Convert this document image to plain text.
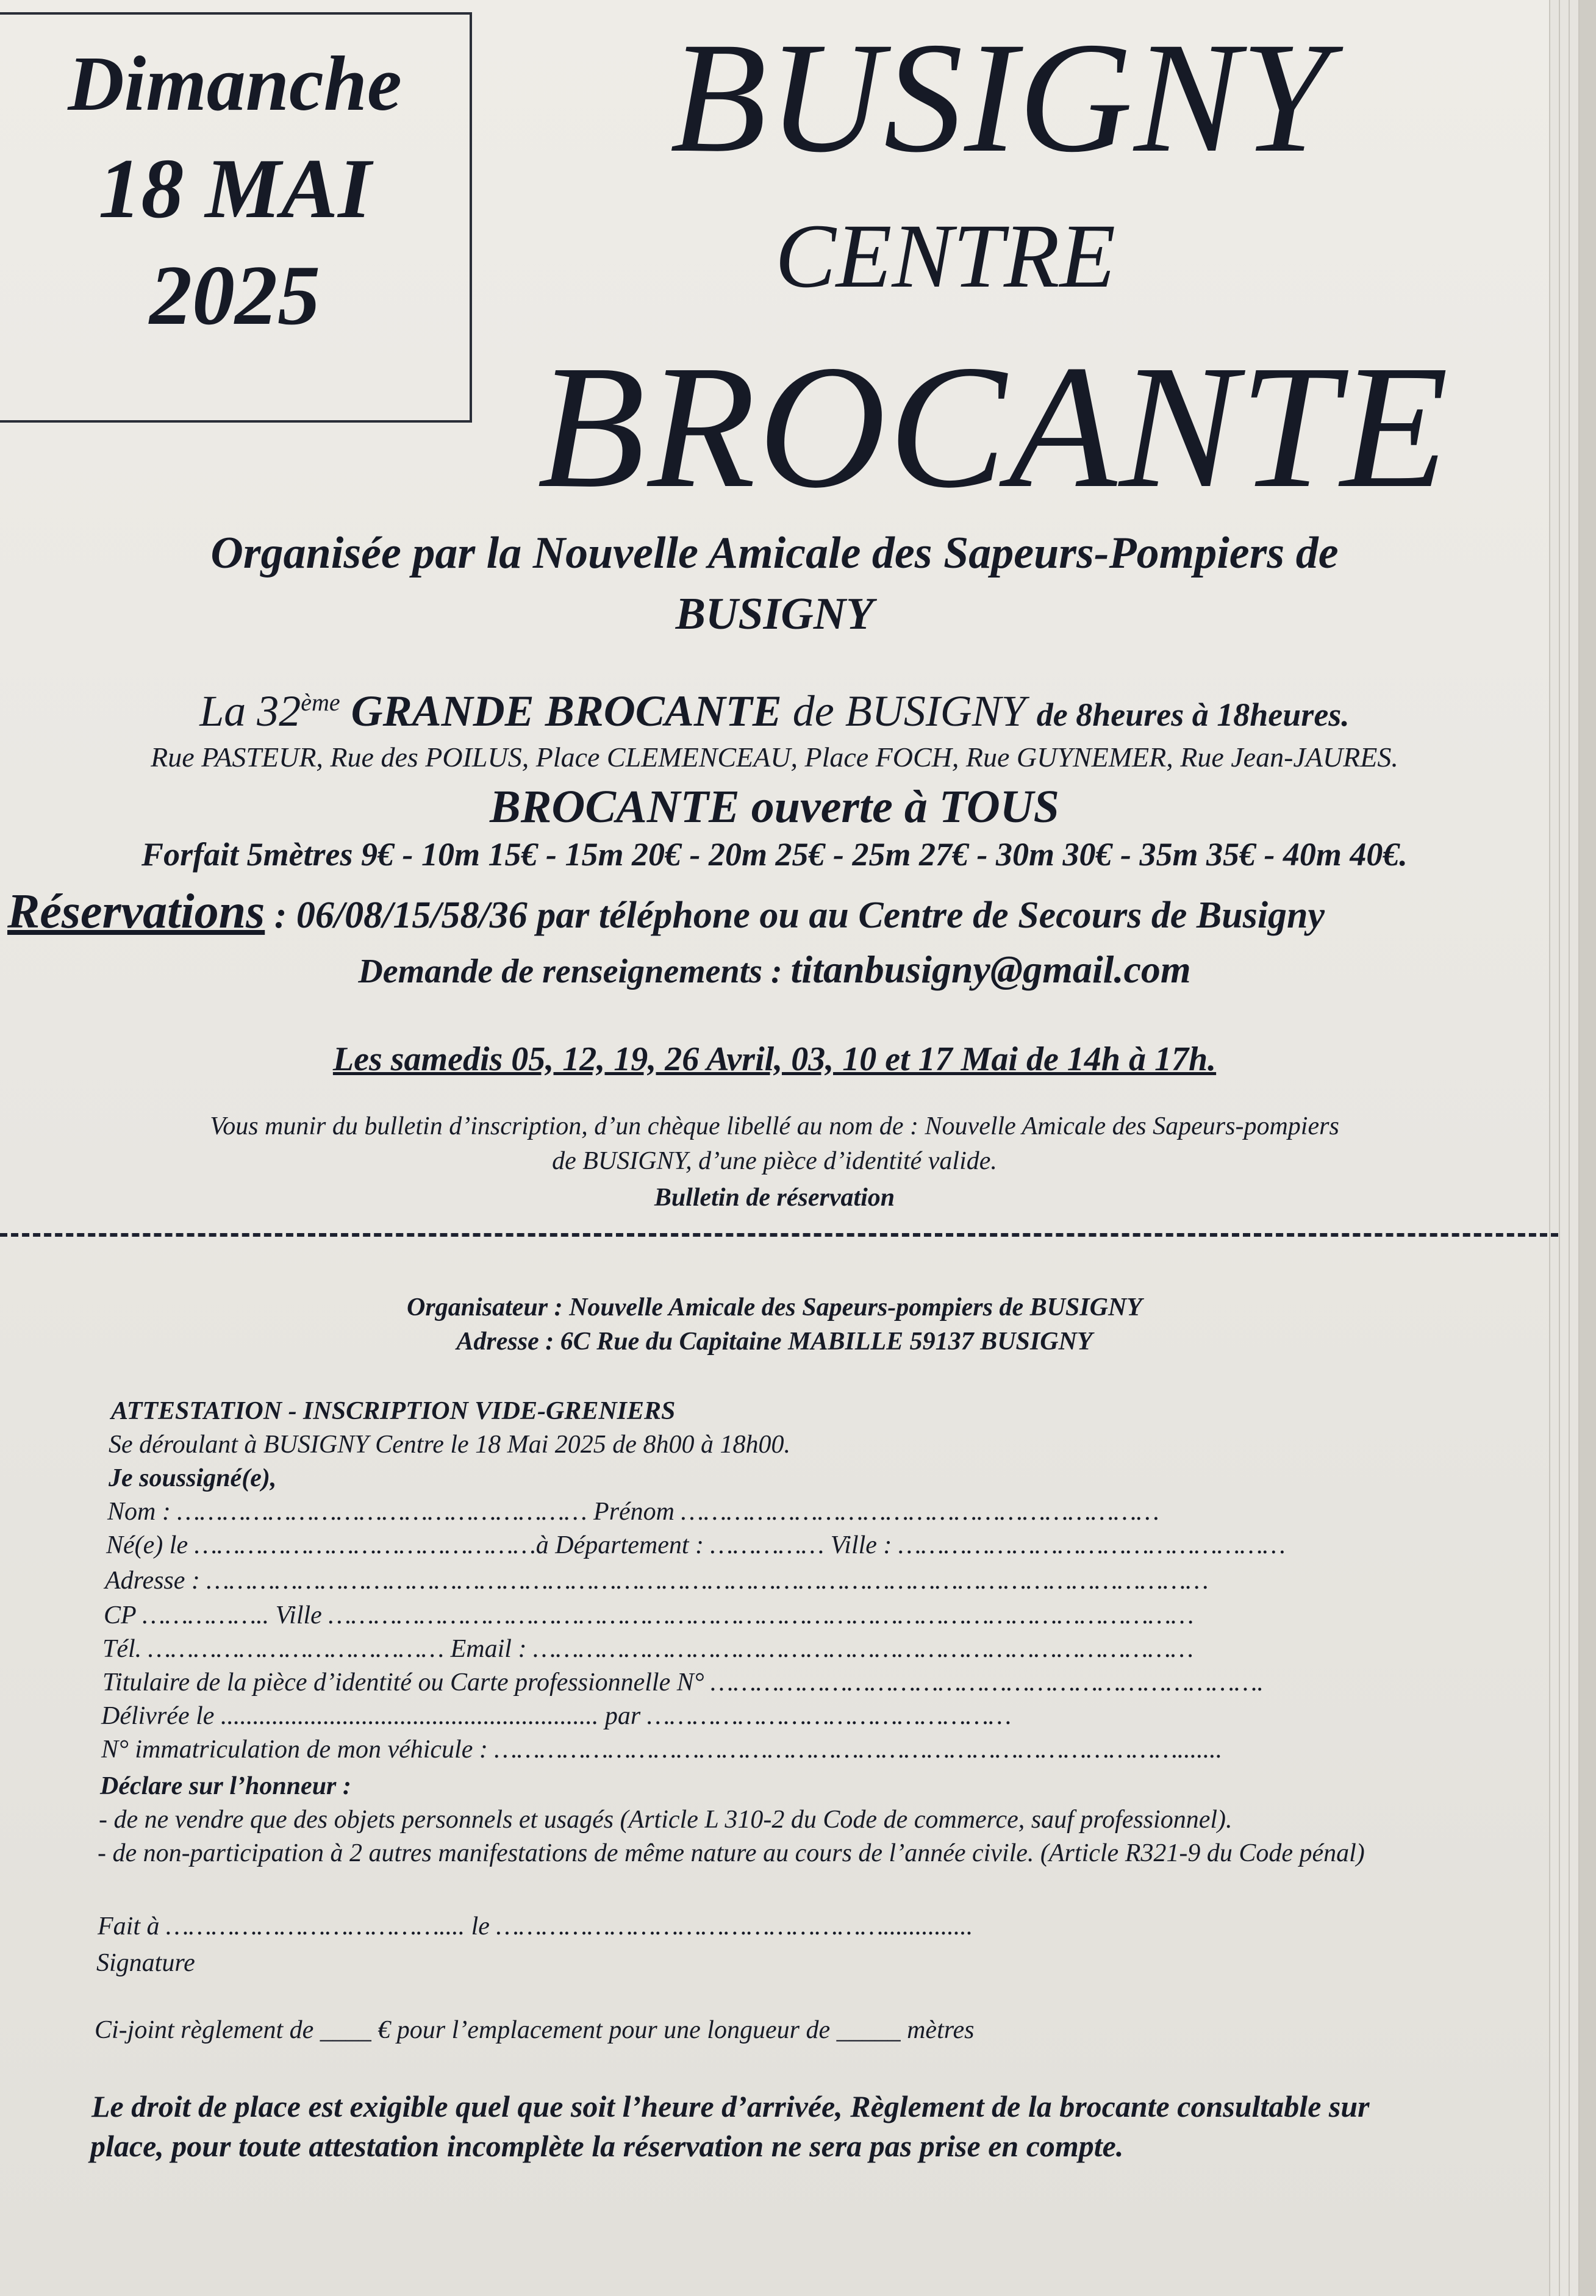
Dimanche
18 MAI
2025
BUSIGNY
CENTRE
BROCANTE
Organisée par la Nouvelle Amicale des Sapeurs-Pompiers de
BUSIGNY
La 32ème GRANDE BROCANTE de BUSIGNY de 8heures à 18heures.
Rue PASTEUR, Rue des POILUS, Place CLEMENCEAU, Place FOCH, Rue GUYNEMER, Rue Jean-JAURES.
BROCANTE ouverte à TOUS
Forfait 5mètres 9€ - 10m 15€ - 15m 20€ - 20m 25€ - 25m 27€ - 30m 30€ - 35m 35€ - 40m 40€.
Réservations : 06/08/15/58/36 par téléphone ou au Centre de Secours de Busigny
Demande de renseignements : titanbusigny@gmail.com
Les samedis 05, 12, 19, 26 Avril, 03, 10 et 17 Mai de 14h à 17h.
Vous munir du bulletin d’inscription, d’un chèque libellé au nom de : Nouvelle Amicale des Sapeurs-pompiers
de BUSIGNY, d’une pièce d’identité valide.
Bulletin de réservation
Organisateur : Nouvelle Amicale des Sapeurs-pompiers de BUSIGNY
Adresse : 6C Rue du Capitaine MABILLE 59137 BUSIGNY
ATTESTATION - INSCRIPTION VIDE-GRENIERS
Se déroulant à BUSIGNY Centre le 18 Mai 2025 de 8h00 à 18h00.
Je soussigné(e),
Nom : ……………………………………………… Prénom ………………………………………………………
Né(e) le ………………………………………à Département : …………… Ville : ……………………………………………
Adresse : ……………………………………………………………………………………………………………………
CP …………….. Ville ……………………………………………………………………………………………………
Tél. ………………………………… Email : ……………………………………………………………………………
Titulaire de la pièce d’identité ou Carte professionnelle N° ……………………………………………………………….
Délivrée le ........................................................... par …………………………………………
N° immatriculation de mon véhicule : ……………………………………………………………………………….......
Déclare sur l’honneur :
- de ne vendre que des objets personnels et usagés (Article L 310-2 du Code de commerce, sauf professionnel).
- de non-participation à 2 autres manifestations de même nature au cours de l’année civile. (Article R321-9 du Code pénal)
Fait à ……………………………….... le ……………………………………………..............
Signature
Ci-joint règlement de ____ € pour l’emplacement pour une longueur de _____ mètres
Le droit de place est exigible quel que soit l’heure d’arrivée, Règlement de la brocante consultable sur
place, pour toute attestation incomplète la réservation ne sera pas prise en compte.
